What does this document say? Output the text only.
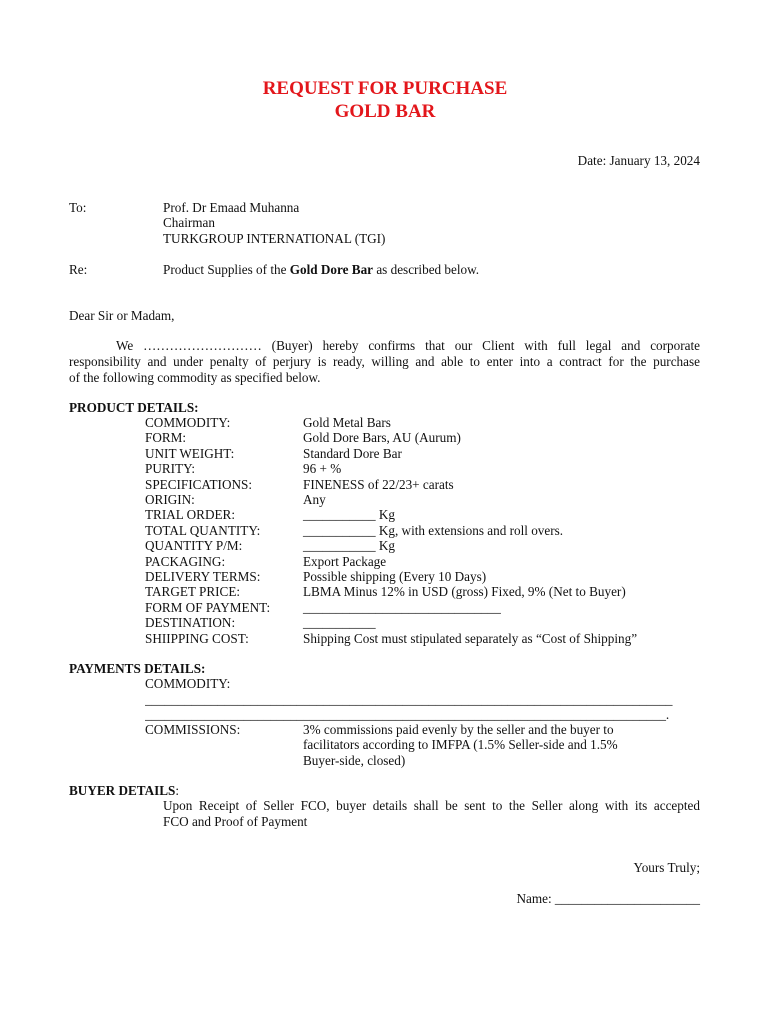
REQUEST FOR PURCHASE
GOLD BAR
Date: January 13, 2024
To:	Prof. Dr Emaad Muhanna
Chairman
TURKGROUP INTERNATIONAL (TGI)
Re:	Product Supplies of the Gold Dore Bar as described below.
Dear Sir or Madam,
We ……………………… (Buyer) hereby confirms that our Client with full legal and corporate
responsibility and under penalty of perjury is ready, willing and able to enter into a contract for the purchase
of the following commodity as specified below.
PRODUCT DETAILS:
COMMODITY:	Gold Metal Bars
FORM:	Gold Dore Bars, AU (Aurum)
UNIT WEIGHT:	Standard Dore Bar
PURITY:	96 + %
SPECIFICATIONS:	FINENESS of 22/23+ carats
ORIGIN:	Any
TRIAL ORDER:	___________ Kg
TOTAL QUANTITY:	___________ Kg, with extensions and roll overs.
QUANTITY P/M:	___________ Kg
PACKAGING:	Export Package
DELIVERY TERMS:	Possible shipping (Every 10 Days)
TARGET PRICE:	LBMA Minus 12% in USD (gross) Fixed, 9% (Net to Buyer)
FORM OF PAYMENT: ______________________________
DESTINATION:	___________
SHIIPPING COST:	Shipping Cost must stipulated separately as “Cost of Shipping”
PAYMENTS DETAILS:
COMMODITY:
________________________________________________________________________________
_______________________________________________________________________________.
COMMISSIONS:	3% commissions paid evenly by the seller and the buyer to
facilitators according to IMFPA (1.5% Seller-side and 1.5%
Buyer-side, closed)
BUYER DETAILS:
Upon Receipt of Seller FCO, buyer details shall be sent to the Seller along with its accepted
FCO and Proof of Payment
Yours Truly;
Name: ______________________
